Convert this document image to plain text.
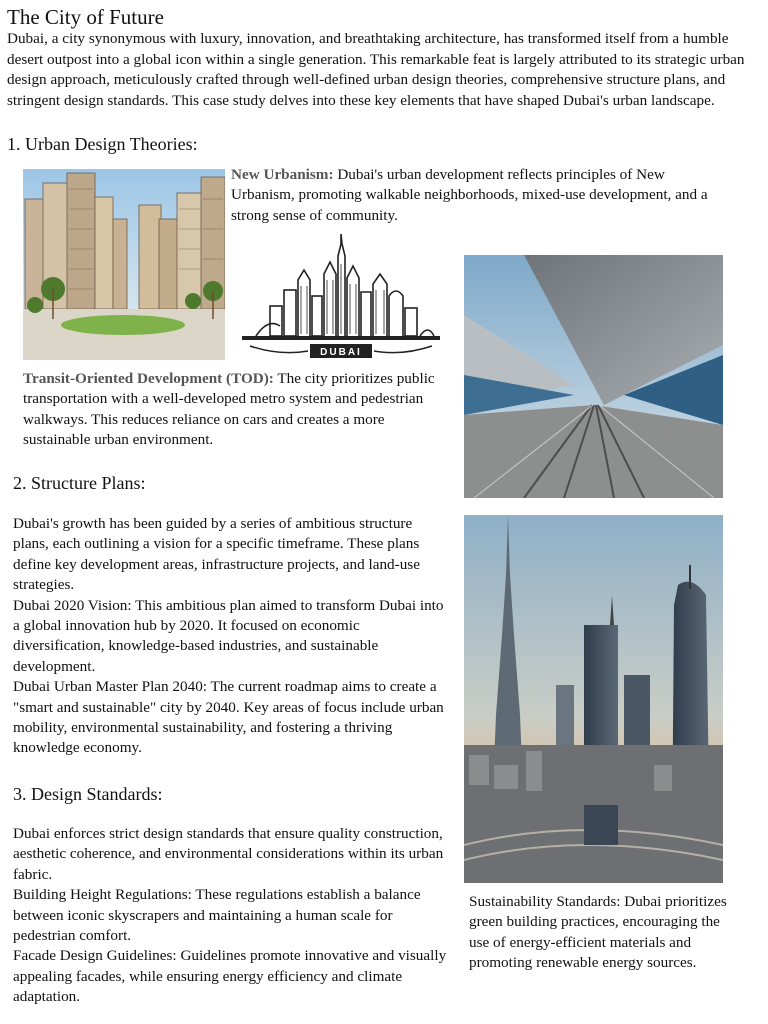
The City of Future

Dubai, a city synonymous with luxury, innovation, and breathtaking architecture, has transformed itself from a humble desert outpost into a global icon within a single generation. This remarkable feat is largely attributed to its strategic urban design approach, meticulously crafted through well-defined urban design theories, comprehensive structure plans, and stringent design standards. This case study delves into these key elements that have shaped Dubai's urban landscape.

1. Urban Design Theories:

New Urbanism: Dubai's urban development reflects principles of New Urbanism, promoting walkable neighborhoods, mixed-use development, and a strong sense of community.

DUBAI

Transit-Oriented Development (TOD): The city prioritizes public transportation with a well-developed metro system and pedestrian walkways. This reduces reliance on cars and creates a more sustainable urban environment.

2. Structure Plans:

Dubai's growth has been guided by a series of ambitious structure plans, each outlining a vision for a specific timeframe. These plans define key development areas, infrastructure projects, and land-use strategies.

Dubai 2020 Vision: This ambitious plan aimed to transform Dubai into a global innovation hub by 2020. It focused on economic diversification, knowledge-based industries, and sustainable development.

Dubai Urban Master Plan 2040: The current roadmap aims to create a "smart and sustainable" city by 2040. Key areas of focus include urban mobility, environmental sustainability, and fostering a thriving knowledge economy.

3. Design Standards:

Dubai enforces strict design standards that ensure quality construction, aesthetic coherence, and environmental considerations within its urban fabric.

Building Height Regulations: These regulations establish a balance between iconic skyscrapers and maintaining a human scale for pedestrian comfort.

Facade Design Guidelines: Guidelines promote innovative and visually appealing facades, while ensuring energy efficiency and climate adaptation.

Sustainability Standards: Dubai prioritizes green building practices, encouraging the use of energy-efficient materials and promoting renewable energy sources.
